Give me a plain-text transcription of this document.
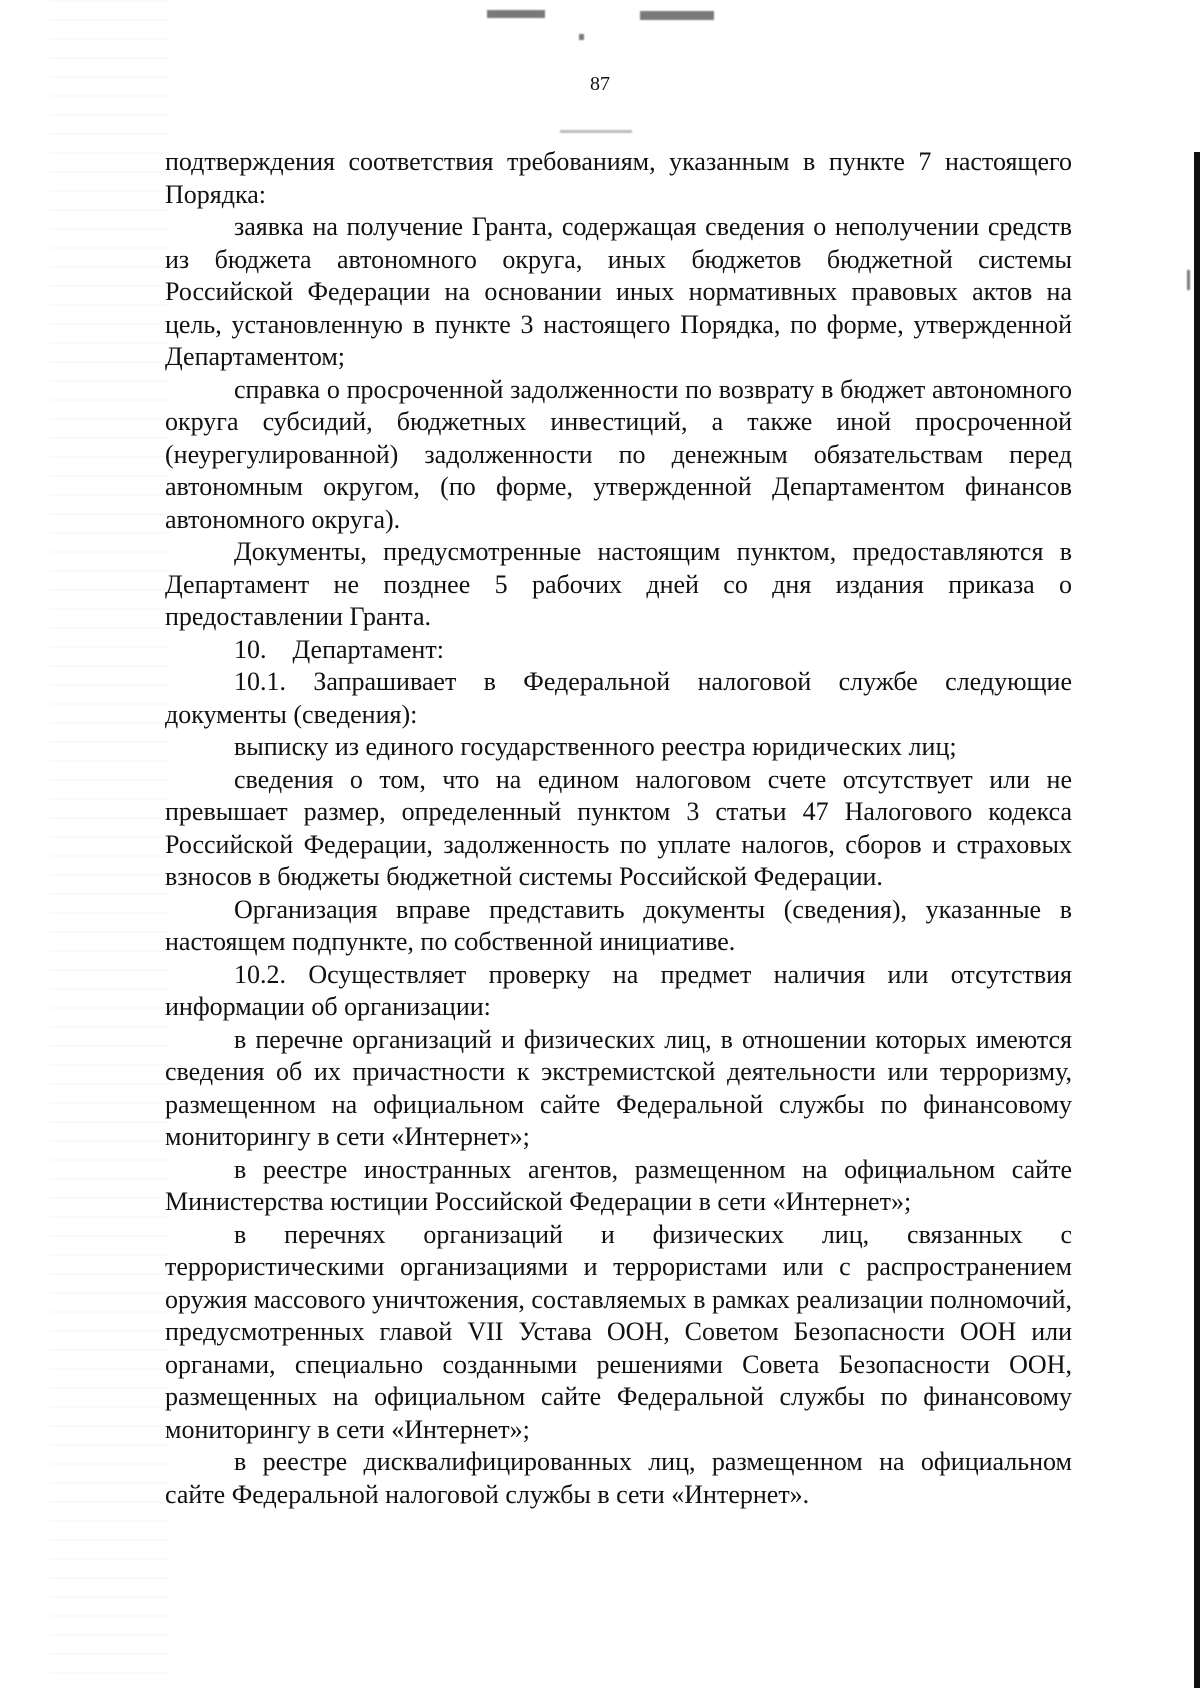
87

подтверждения соответствия требованиям, указанным в пункте 7 настоящего Порядка:

заявка на получение Гранта, содержащая сведения о неполучении средств из бюджета автономного округа, иных бюджетов бюджетной системы Российской Федерации на основании иных нормативных правовых актов на цель, установленную в пункте 3 настоящего Порядка, по форме, утвержденной Департаментом;

справка о просроченной задолженности по возврату в бюджет автономного округа субсидий, бюджетных инвестиций, а также иной просроченной (неурегулированной) задолженности по денежным обязательствам перед автономным округом, (по форме, утвержденной Департаментом финансов автономного округа).

Документы, предусмотренные настоящим пунктом, предоставляются в Департамент не позднее 5 рабочих дней со дня издания приказа о предоставлении Гранта.

10. Департамент:

10.1. Запрашивает в Федеральной налоговой службе следующие документы (сведения):

выписку из единого государственного реестра юридических лиц;

сведения о том, что на едином налоговом счете отсутствует или не превышает размер, определенный пунктом 3 статьи 47 Налогового кодекса Российской Федерации, задолженность по уплате налогов, сборов и страховых взносов в бюджеты бюджетной системы Российской Федерации.

Организация вправе представить документы (сведения), указанные в настоящем подпункте, по собственной инициативе.

10.2. Осуществляет проверку на предмет наличия или отсутствия информации об организации:

в перечне организаций и физических лиц, в отношении которых имеются сведения об их причастности к экстремистской деятельности или терроризму, размещенном на официальном сайте Федеральной службы по финансовому мониторингу в сети «Интернет»;

в реестре иностранных агентов, размещенном на официальном сайте Министерства юстиции Российской Федерации в сети «Интернет»;

в перечнях организаций и физических лиц, связанных с террористическими организациями и террористами или с распространением оружия массового уничтожения, составляемых в рамках реализации полномочий, предусмотренных главой VII Устава ООН, Советом Безопасности ООН или органами, специально созданными решениями Совета Безопасности ООН, размещенных на официальном сайте Федеральной службы по финансовому мониторингу в сети «Интернет»;

в реестре дисквалифицированных лиц, размещенном на официальном сайте Федеральной налоговой службы в сети «Интернет».
